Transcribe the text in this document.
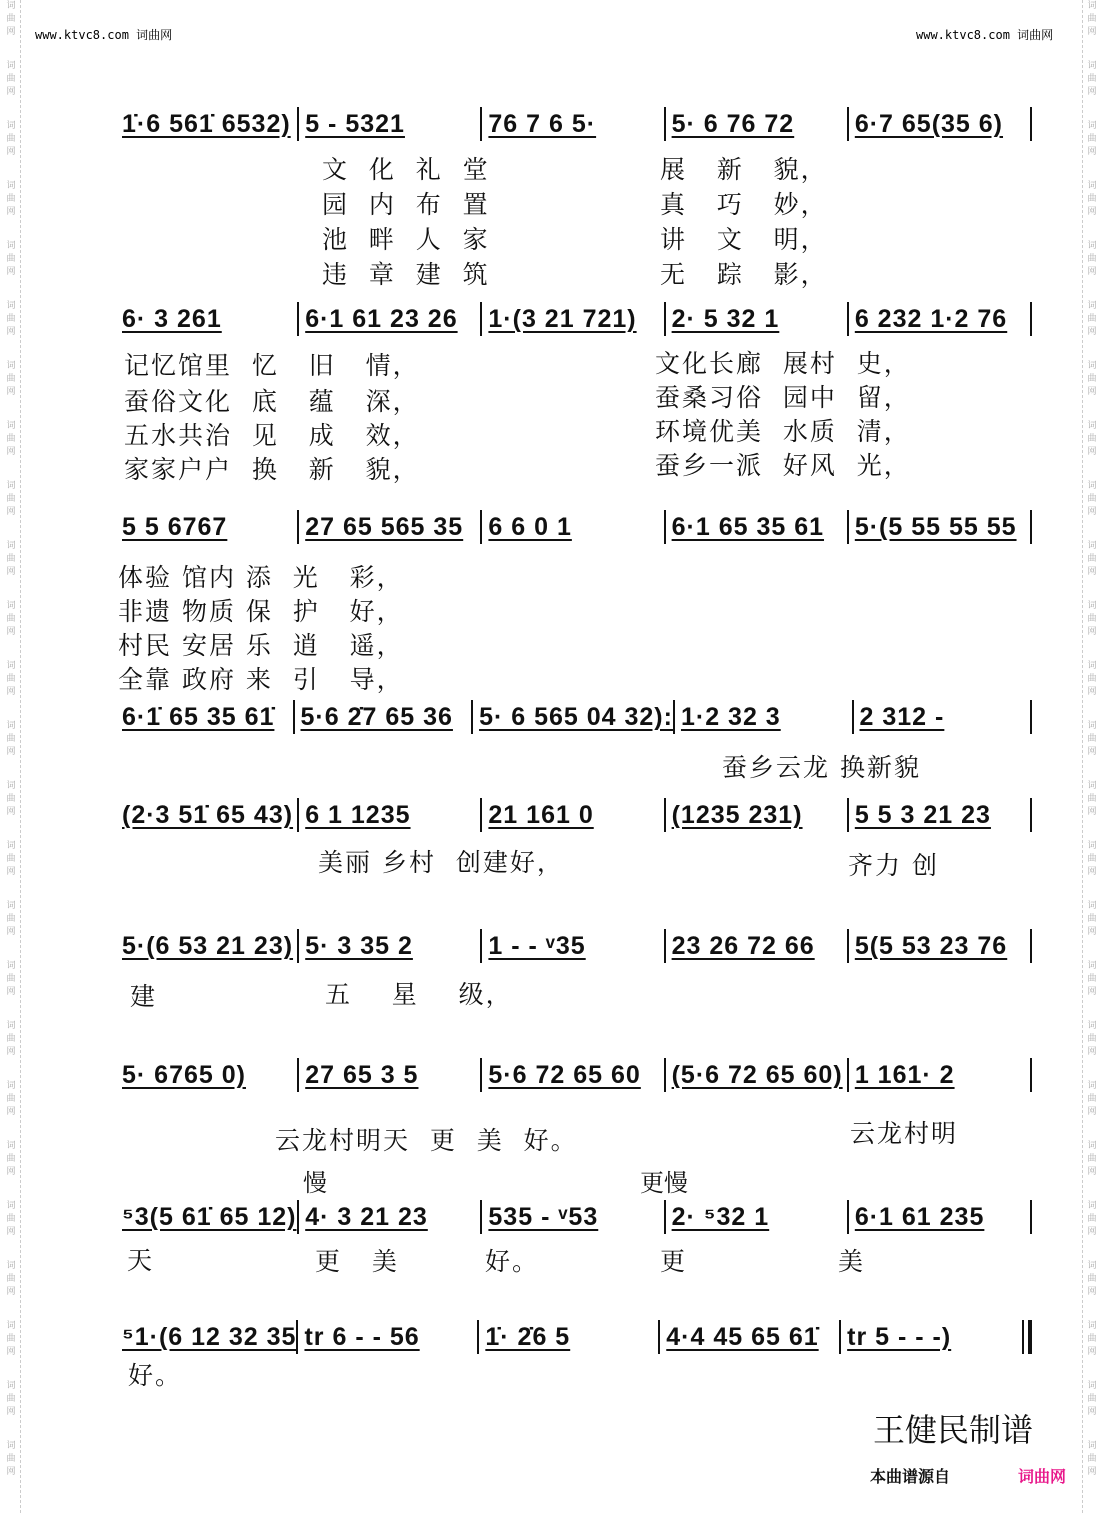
词
曲
网
词
曲
网
词
曲
网
词
曲
网
词
曲
网
词
曲
网
词
曲
网
词
曲
网
词
曲
网
词
曲
网
词
曲
网
词
曲
网
词
曲
网
词
曲
网
词
曲
网
词
曲
网
词
曲
网
词
曲
网
词
曲
网
词
曲
网
词
曲
网
词
曲
网
词
曲
网
词
曲
网
词
曲
网
词
曲
网
词
曲
网
词
曲
网
词
曲
网
词
曲
网
词
曲
网
词
曲
网
词
曲
网
词
曲
网
词
曲
网
词
曲
网
词
曲
网
词
曲
网
词
曲
网
词
曲
网
词
曲
网
词
曲
网
词
曲
网
词
曲
网
词
曲
网
词
曲
网
词
曲
网
词
曲
网
词
曲
网
词
曲
网
www.ktvc8.com 词曲网	www.ktvc8.com 词曲网
1̇·6 561̇ 6532) 5 - 5321	76 7 6 5·	5· 6 76 72	6·7 65(35 6)
文  化  礼  堂	展   新   貌，
园  内  布  置	真   巧   妙，
池  畔  人  家	讲   文   明，
违  章  建  筑	无   踪   影，
6· 3 261	6·1 61 23 26	1·(3 21 721)	2· 5 32 1	6 232 1·2 76
记忆馆里  忆   旧   情，	文化长廊  展村  史，
蚕俗文化  底   蕴   深，	蚕桑习俗  园中  留，
五水共治  见   成   效，	环境优美  水质  清，
家家户户  换   新   貌，	蚕乡一派  好风  光，
5 5 6767	27 65 565 35	6 6 0 1	6·1 65 35 61	5·(5 55 55 55
体验 馆内 添  光   彩，
非遗 物质 保  护   好，
村民 安居 乐  逍   遥，
全靠 政府 来  引   导，
6·1̇ 65 35 61̇	5·6 2̇7 65 36	5· 6 565 04 32): 1·2 32 3	2 312 -
蚕乡云龙 换新貌
(2·3 51̇ 65 43) 6 1 1235	21 161 0	(1235 231)	5 5 3 21 23
美丽 乡村  创建好，	齐力 创
5·(6 53 21 23) 5· 3 35 2	1 - - ᵛ35	23 26 72 66	5(5 53 23 76
建	五    星    级，
5· 6765 0)	27 65 3 5	5·6 72 65 60	(5·6 72 65 60) 1 161· 2
云龙村明天  更  美  好。	云龙村明
⁵3(5 61̇ 65 12) 4· 3 21 23	535 - ᵛ53	2· ⁵32 1	6·1 61 235
天	更   美	好。	更	美
慢	更慢
⁵1·(6 12 32 35 tr 6 - - 56	1̇· 2̇6 5	4·4 45 65 61̇	tr 5 - - -)
好。
王健民制谱
本曲谱源自	词曲网
